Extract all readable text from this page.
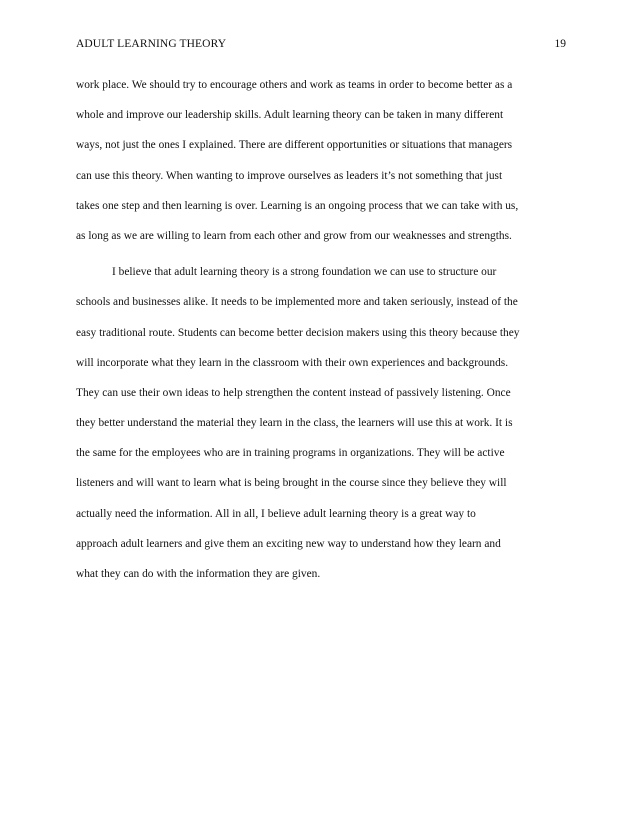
ADULT LEARNING THEORY	19
work place. We should try to encourage others and work as teams in order to become better as a
whole and improve our leadership skills. Adult learning theory can be taken in many different
ways, not just the ones I explained. There are different opportunities or situations that managers
can use this theory. When wanting to improve ourselves as leaders it’s not something that just
takes one step and then learning is over. Learning is an ongoing process that we can take with us,
as long as we are willing to learn from each other and grow from our weaknesses and strengths.
I believe that adult learning theory is a strong foundation we can use to structure our
schools and businesses alike. It needs to be implemented more and taken seriously, instead of the
easy traditional route. Students can become better decision makers using this theory because they
will incorporate what they learn in the classroom with their own experiences and backgrounds.
They can use their own ideas to help strengthen the content instead of passively listening. Once
they better understand the material they learn in the class, the learners will use this at work. It is
the same for the employees who are in training programs in organizations. They will be active
listeners and will want to learn what is being brought in the course since they believe they will
actually need the information. All in all, I believe adult learning theory is a great way to
approach adult learners and give them an exciting new way to understand how they learn and
what they can do with the information they are given.
